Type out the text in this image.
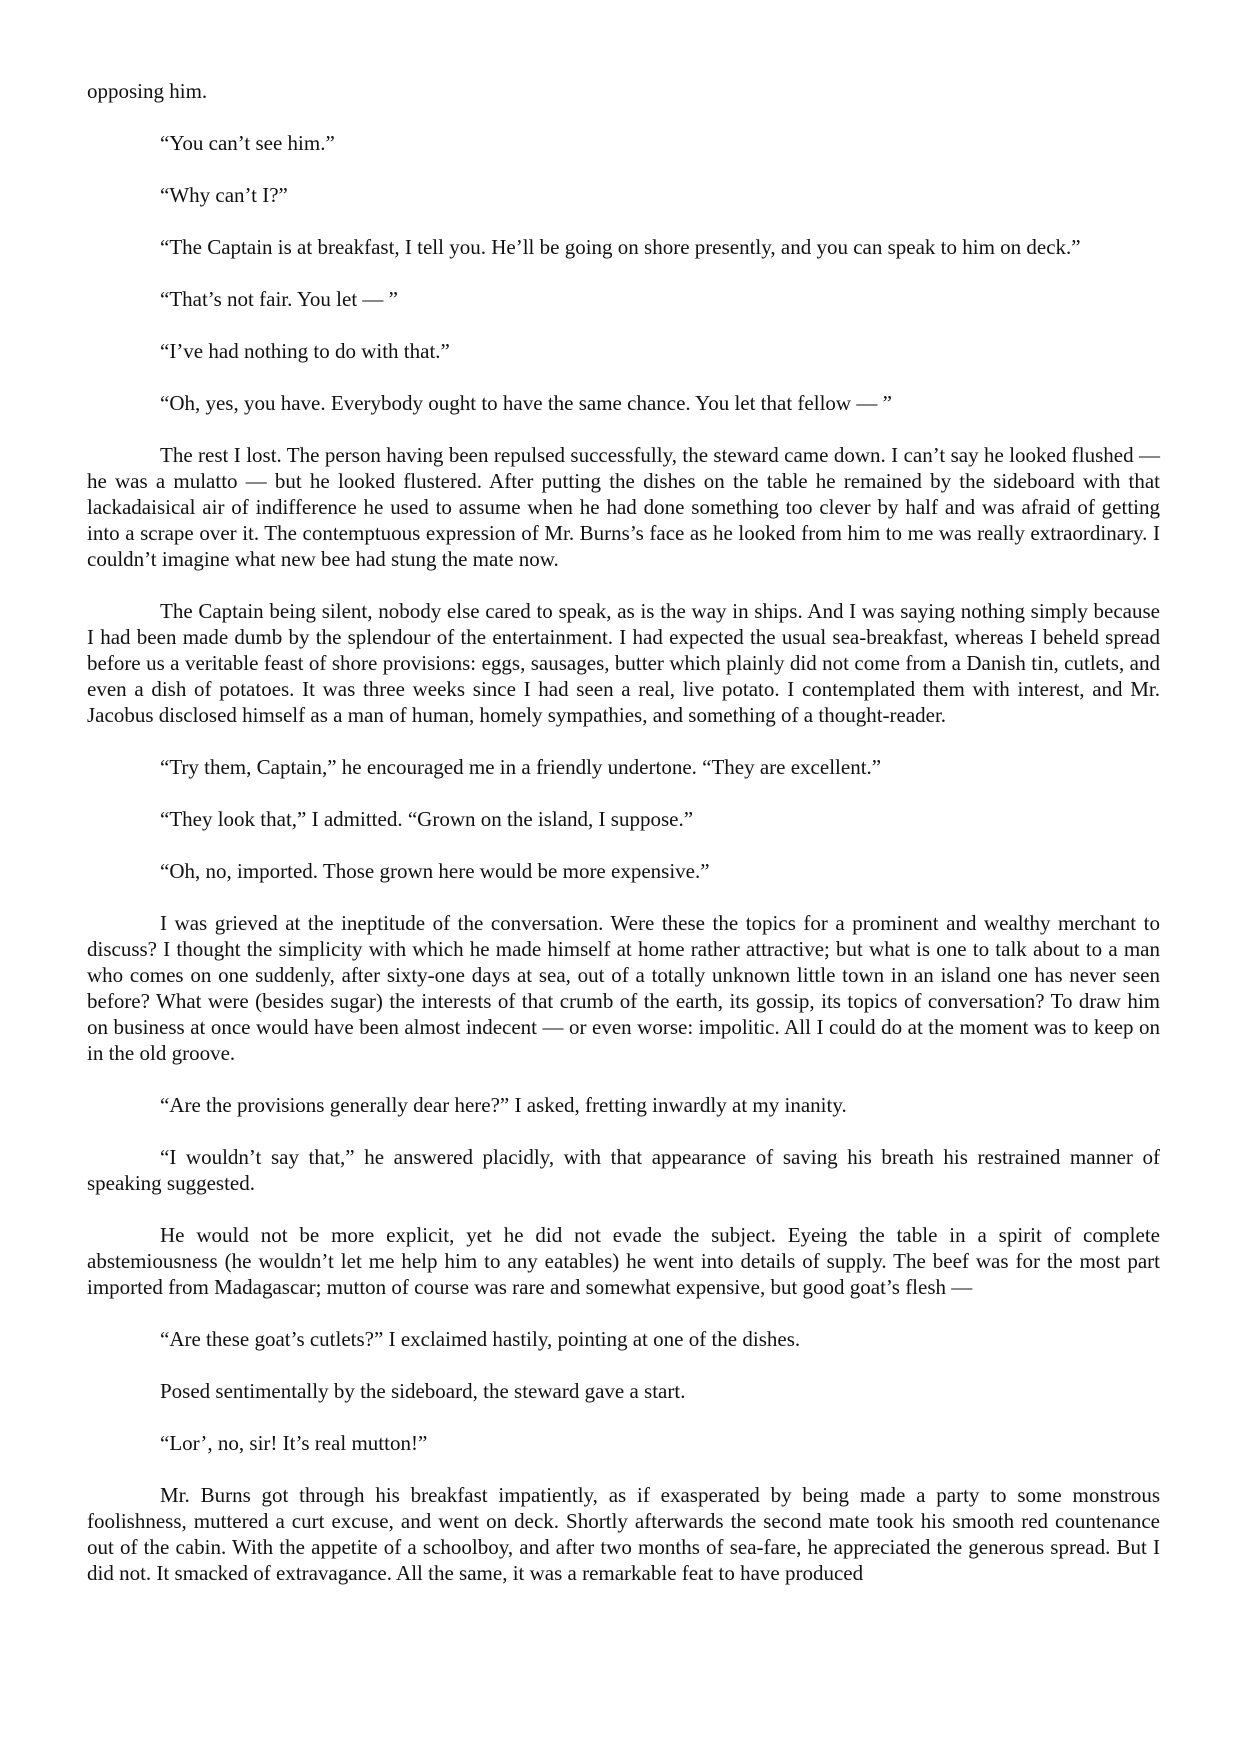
opposing him.

“You can’t see him.”

“Why can’t I?”

“The Captain is at breakfast, I tell you. He’ll be going on shore presently, and you can speak to him on deck.”

“That’s not fair. You let — ”

“I’ve had nothing to do with that.”

“Oh, yes, you have. Everybody ought to have the same chance. You let that fellow — ”

The rest I lost. The person having been repulsed successfully, the steward came down. I can’t say he looked flushed — he was a mulatto — but he looked flustered. After putting the dishes on the table he remained by the sideboard with that lackadaisical air of indifference he used to assume when he had done something too clever by half and was afraid of getting into a scrape over it. The contemptuous expression of Mr. Burns’s face as he looked from him to me was really extraordinary. I couldn’t imagine what new bee had stung the mate now.

The Captain being silent, nobody else cared to speak, as is the way in ships. And I was saying nothing simply because I had been made dumb by the splendour of the entertainment. I had expected the usual sea-breakfast, whereas I beheld spread before us a veritable feast of shore provisions: eggs, sausages, butter which plainly did not come from a Danish tin, cutlets, and even a dish of potatoes. It was three weeks since I had seen a real, live potato. I contemplated them with interest, and Mr. Jacobus disclosed himself as a man of human, homely sympathies, and something of a thought-reader.

“Try them, Captain,” he encouraged me in a friendly undertone. “They are excellent.”

“They look that,” I admitted. “Grown on the island, I suppose.”

“Oh, no, imported. Those grown here would be more expensive.”

I was grieved at the ineptitude of the conversation. Were these the topics for a prominent and wealthy merchant to discuss? I thought the simplicity with which he made himself at home rather attractive; but what is one to talk about to a man who comes on one suddenly, after sixty-one days at sea, out of a totally unknown little town in an island one has never seen before? What were (besides sugar) the interests of that crumb of the earth, its gossip, its topics of conversation? To draw him on business at once would have been almost indecent — or even worse: impolitic. All I could do at the moment was to keep on in the old groove.

“Are the provisions generally dear here?” I asked, fretting inwardly at my inanity.

“I wouldn’t say that,” he answered placidly, with that appearance of saving his breath his restrained manner of speaking suggested.

He would not be more explicit, yet he did not evade the subject. Eyeing the table in a spirit of complete abstemiousness (he wouldn’t let me help him to any eatables) he went into details of supply. The beef was for the most part imported from Madagascar; mutton of course was rare and somewhat expensive, but good goat’s flesh —

“Are these goat’s cutlets?” I exclaimed hastily, pointing at one of the dishes.

Posed sentimentally by the sideboard, the steward gave a start.

“Lor’, no, sir! It’s real mutton!”

Mr. Burns got through his breakfast impatiently, as if exasperated by being made a party to some monstrous foolishness, muttered a curt excuse, and went on deck. Shortly afterwards the second mate took his smooth red countenance out of the cabin. With the appetite of a schoolboy, and after two months of sea-fare, he appreciated the generous spread. But I did not. It smacked of extravagance. All the same, it was a remarkable feat to have produced
